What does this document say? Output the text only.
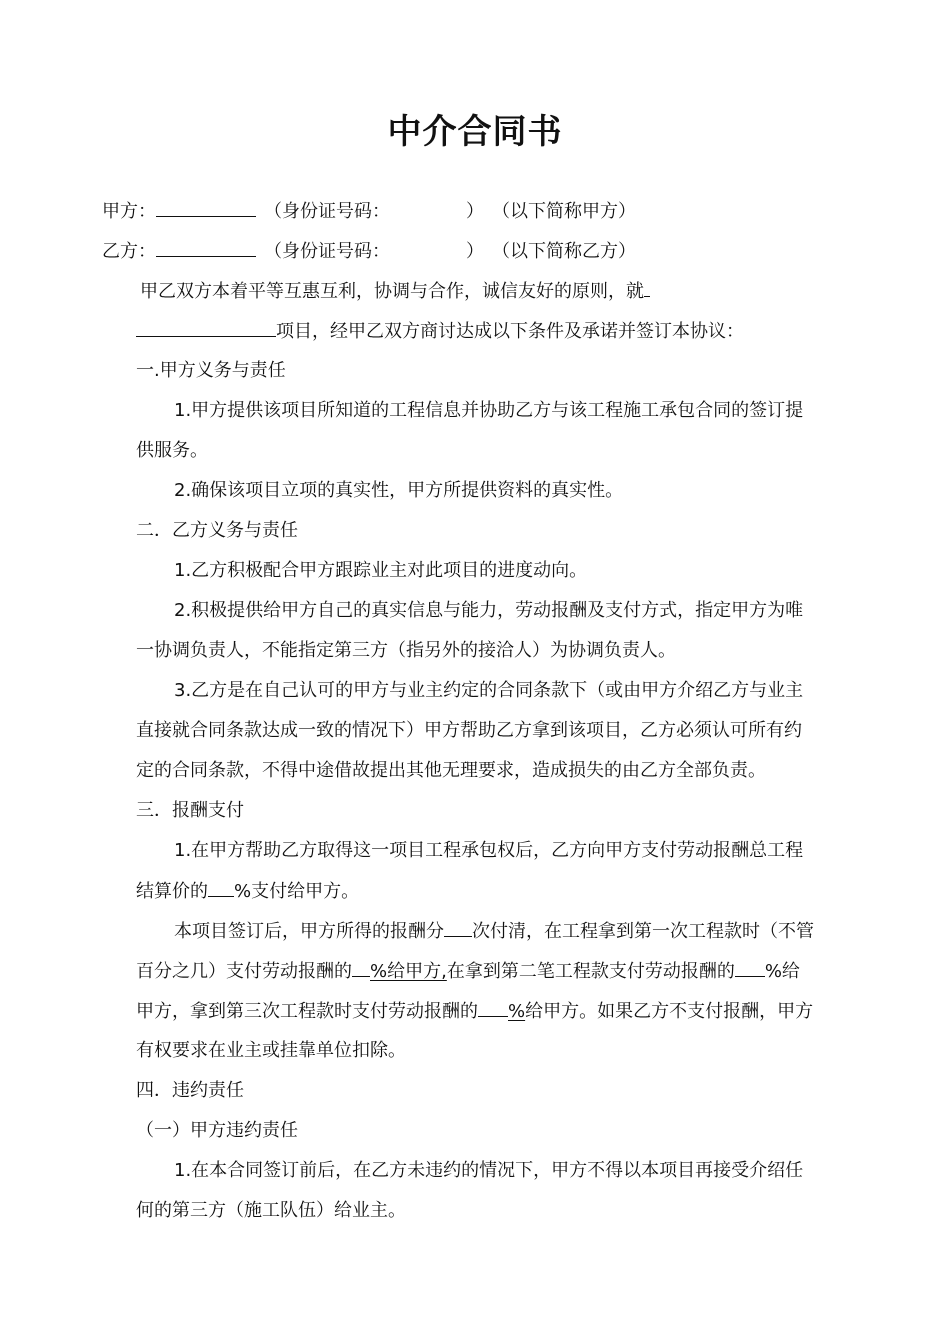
中介合同书
甲方：	（身份证号码：	） （以下简称甲方）
乙方：	（身份证号码：	） （以下简称乙方）
甲乙双方本着平等互惠互利，协调与合作，诚信友好的原则，就
项目，经甲乙双方商讨达成以下条件及承诺并签订本协议：
一.甲方义务与责任
1.甲方提供该项目所知道的工程信息并协助乙方与该工程施工承包合同的签订提
供服务。
2.确保该项目立项的真实性，甲方所提供资料的真实性。
二．乙方义务与责任
1.乙方积极配合甲方跟踪业主对此项目的进度动向。
2.积极提供给甲方自己的真实信息与能力，劳动报酬及支付方式，指定甲方为唯
一协调负责人，不能指定第三方（指另外的接洽人）为协调负责人。
3.乙方是在自己认可的甲方与业主约定的合同条款下（或由甲方介绍乙方与业主
直接就合同条款达成一致的情况下）甲方帮助乙方拿到该项目，乙方必须认可所有约
定的合同条款，不得中途借故提出其他无理要求，造成损失的由乙方全部负责。
三．报酬支付
1.在甲方帮助乙方取得这一项目工程承包权后，乙方向甲方支付劳动报酬总工程
结算价的 %支付给甲方。
本项目签订后，甲方所得的报酬分 次付清，在工程拿到第一次工程款时（不管
百分之几）支付劳动报酬的 %给甲方,在拿到第二笔工程款支付劳动报酬的 %给
甲方，拿到第三次工程款时支付劳动报酬的 %给甲方。如果乙方不支付报酬，甲方
有权要求在业主或挂靠单位扣除。
四．违约责任
（一）甲方违约责任
1.在本合同签订前后，在乙方未违约的情况下，甲方不得以本项目再接受介绍任
何的第三方（施工队伍）给业主。
